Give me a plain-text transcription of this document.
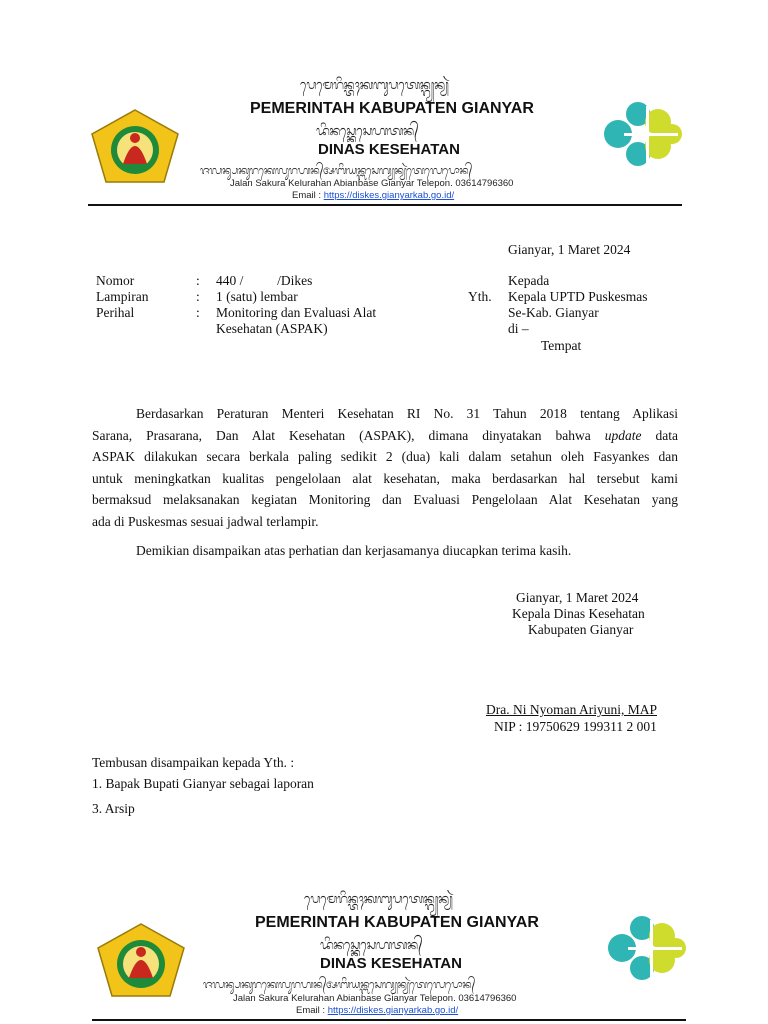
ᬧᬾᬫᬾᬭᬶᬦ᭄ᬢᬄᬓᬩᬸᬧᬢᬾᬦ᭄ᬕ᭄ᬬᬦ᭄ᬬᬃ
PEMERINTAH KABUPATEN GIANYAR
ᬤᬶᬦᬲ᭄ᬓᬾᬲᬾᬳᬢᬦ᭄
DINAS KESEHATAN
ᬚᬮᬦ᭄ᬲᬓᬸᬭᬓᬾᬮᬸᬭᬳᬦ᭄ᬅᬩᬶᬬᬦ᭄ᬩᬲᬾᬕ᭄ᬬᬦ᭄ᬬᬃᬢᬾᬮᬾᬧᭀᬦ᭄
Jalan Sakura Kelurahan Abianbase Gianyar Telepon. 03614796360
Email : https://diskes.gianyarkab.go.id/
Gianyar, 1 Maret 2024
Nomor	: 440 /          /Dikes
Lampiran	: 1 (satu) lembar
Perihal	: Monitoring dan Evaluasi Alat
Kesehatan (ASPAK)
Kepada
Yth. Kepala UPTD Puskesmas
Se-Kab. Gianyar
di –
Tempat
Berdasarkan Peraturan Menteri Kesehatan RI No. 31 Tahun 2018 tentang Aplikasi
Sarana, Prasarana, Dan Alat Kesehatan (ASPAK), dimana dinyatakan bahwa update data
ASPAK dilakukan secara berkala paling sedikit 2 (dua) kali dalam setahun oleh Fasyankes dan
untuk meningkatkan kualitas pengelolaan alat kesehatan, maka berdasarkan hal tersebut kami
bermaksud melaksanakan kegiatan Monitoring dan Evaluasi Pengelolaan Alat Kesehatan yang
ada di Puskesmas sesuai jadwal terlampir.
Demikian disampaikan atas perhatian dan kerjasamanya diucapkan terima kasih.
Gianyar, 1 Maret 2024
Kepala Dinas Kesehatan
Kabupaten Gianyar
Dra. Ni Nyoman Ariyuni, MAP
NIP : 19750629 199311 2 001
Tembusan disampaikan kepada Yth. :
1. Bapak Bupati Gianyar sebagai laporan
3. Arsip
ᬧᬾᬫᬾᬭᬶᬦ᭄ᬢᬄᬓᬩᬸᬧᬢᬾᬦ᭄ᬕ᭄ᬬᬦ᭄ᬬᬃ
PEMERINTAH KABUPATEN GIANYAR
ᬤᬶᬦᬲ᭄ᬓᬾᬲᬾᬳᬢᬦ᭄
DINAS KESEHATAN
ᬚᬮᬦ᭄ᬲᬓᬸᬭᬓᬾᬮᬸᬭᬳᬦ᭄ᬅᬩᬶᬬᬦ᭄ᬩᬲᬾᬕ᭄ᬬᬦ᭄ᬬᬃᬢᬾᬮᬾᬧᭀᬦ᭄
Jalan Sakura Kelurahan Abianbase Gianyar Telepon. 03614796360
Email : https://diskes.gianyarkab.go.id/
